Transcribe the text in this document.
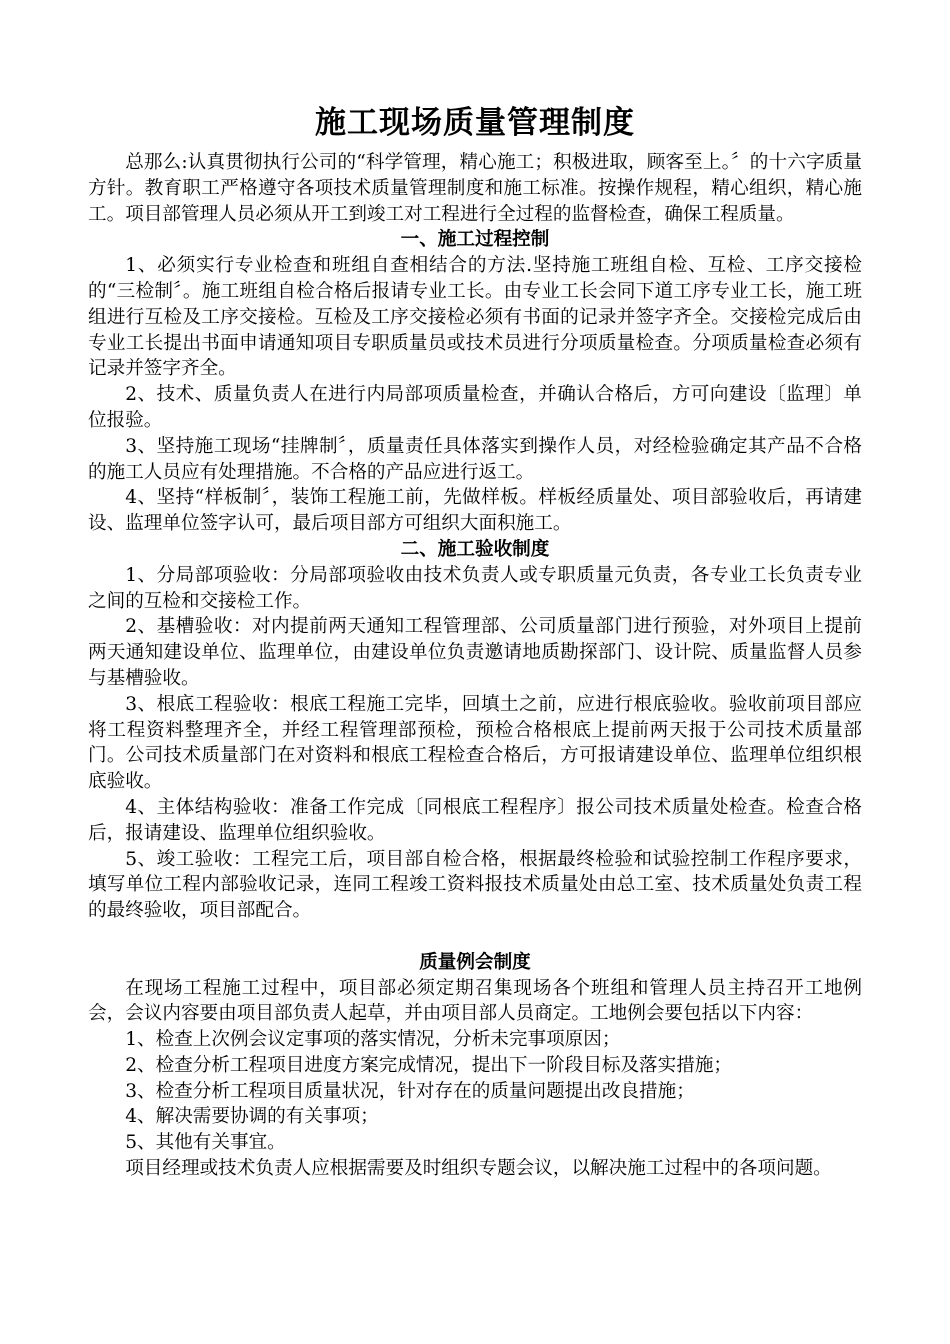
施工现场质量管理制度

总那么:认真贯彻执行公司的“科学管理，精心施工；积极进取，顾客至上。〞的十六字质量方针。教育职工严格遵守各项技术质量管理制度和施工标准。按操作规程，精心组织，精心施工。项目部管理人员必须从开工到竣工对工程进行全过程的监督检查，确保工程质量。

一、施工过程控制

1、必须实行专业检查和班组自查相结合的方法.坚持施工班组自检、互检、工序交接检的“三检制〞。施工班组自检合格后报请专业工长。由专业工长会同下道工序专业工长，施工班组进行互检及工序交接检。互检及工序交接检必须有书面的记录并签字齐全。交接检完成后由专业工长提出书面申请通知项目专职质量员或技术员进行分项质量检查。分项质量检查必须有记录并签字齐全。

2、技术、质量负责人在进行内局部项质量检查，并确认合格后，方可向建设〔监理〕单位报验。

3、坚持施工现场“挂牌制〞，质量责任具体落实到操作人员，对经检验确定其产品不合格的施工人员应有处理措施。不合格的产品应进行返工。

4、坚持“样板制〞，装饰工程施工前，先做样板。样板经质量处、项目部验收后，再请建设、监理单位签字认可，最后项目部方可组织大面积施工。

二、施工验收制度

1、分局部项验收：分局部项验收由技术负责人或专职质量元负责，各专业工长负责专业之间的互检和交接检工作。

2、基槽验收：对内提前两天通知工程管理部、公司质量部门进行预验，对外项目上提前两天通知建设单位、监理单位，由建设单位负责邀请地质勘探部门、设计院、质量监督人员参与基槽验收。

3、根底工程验收：根底工程施工完毕，回填土之前，应进行根底验收。验收前项目部应将工程资料整理齐全，并经工程管理部预检，预检合格根底上提前两天报于公司技术质量部门。公司技术质量部门在对资料和根底工程检查合格后，方可报请建设单位、监理单位组织根底验收。

4、主体结构验收：准备工作完成〔同根底工程程序〕报公司技术质量处检查。检查合格后，报请建设、监理单位组织验收。

5、竣工验收：工程完工后，项目部自检合格，根据最终检验和试验控制工作程序要求，填写单位工程内部验收记录，连同工程竣工资料报技术质量处由总工室、技术质量处负责工程的最终验收，项目部配合。

质量例会制度

在现场工程施工过程中，项目部必须定期召集现场各个班组和管理人员主持召开工地例会，会议内容要由项目部负责人起草，并由项目部人员商定。工地例会要包括以下内容：

1、检查上次例会议定事项的落实情况，分析未完事项原因；

2、检查分析工程项目进度方案完成情况，提出下一阶段目标及落实措施；

3、检查分析工程项目质量状况，针对存在的质量问题提出改良措施；

4、解决需要协调的有关事项；

5、其他有关事宜。

项目经理或技术负责人应根据需要及时组织专题会议，以解决施工过程中的各项问题。
